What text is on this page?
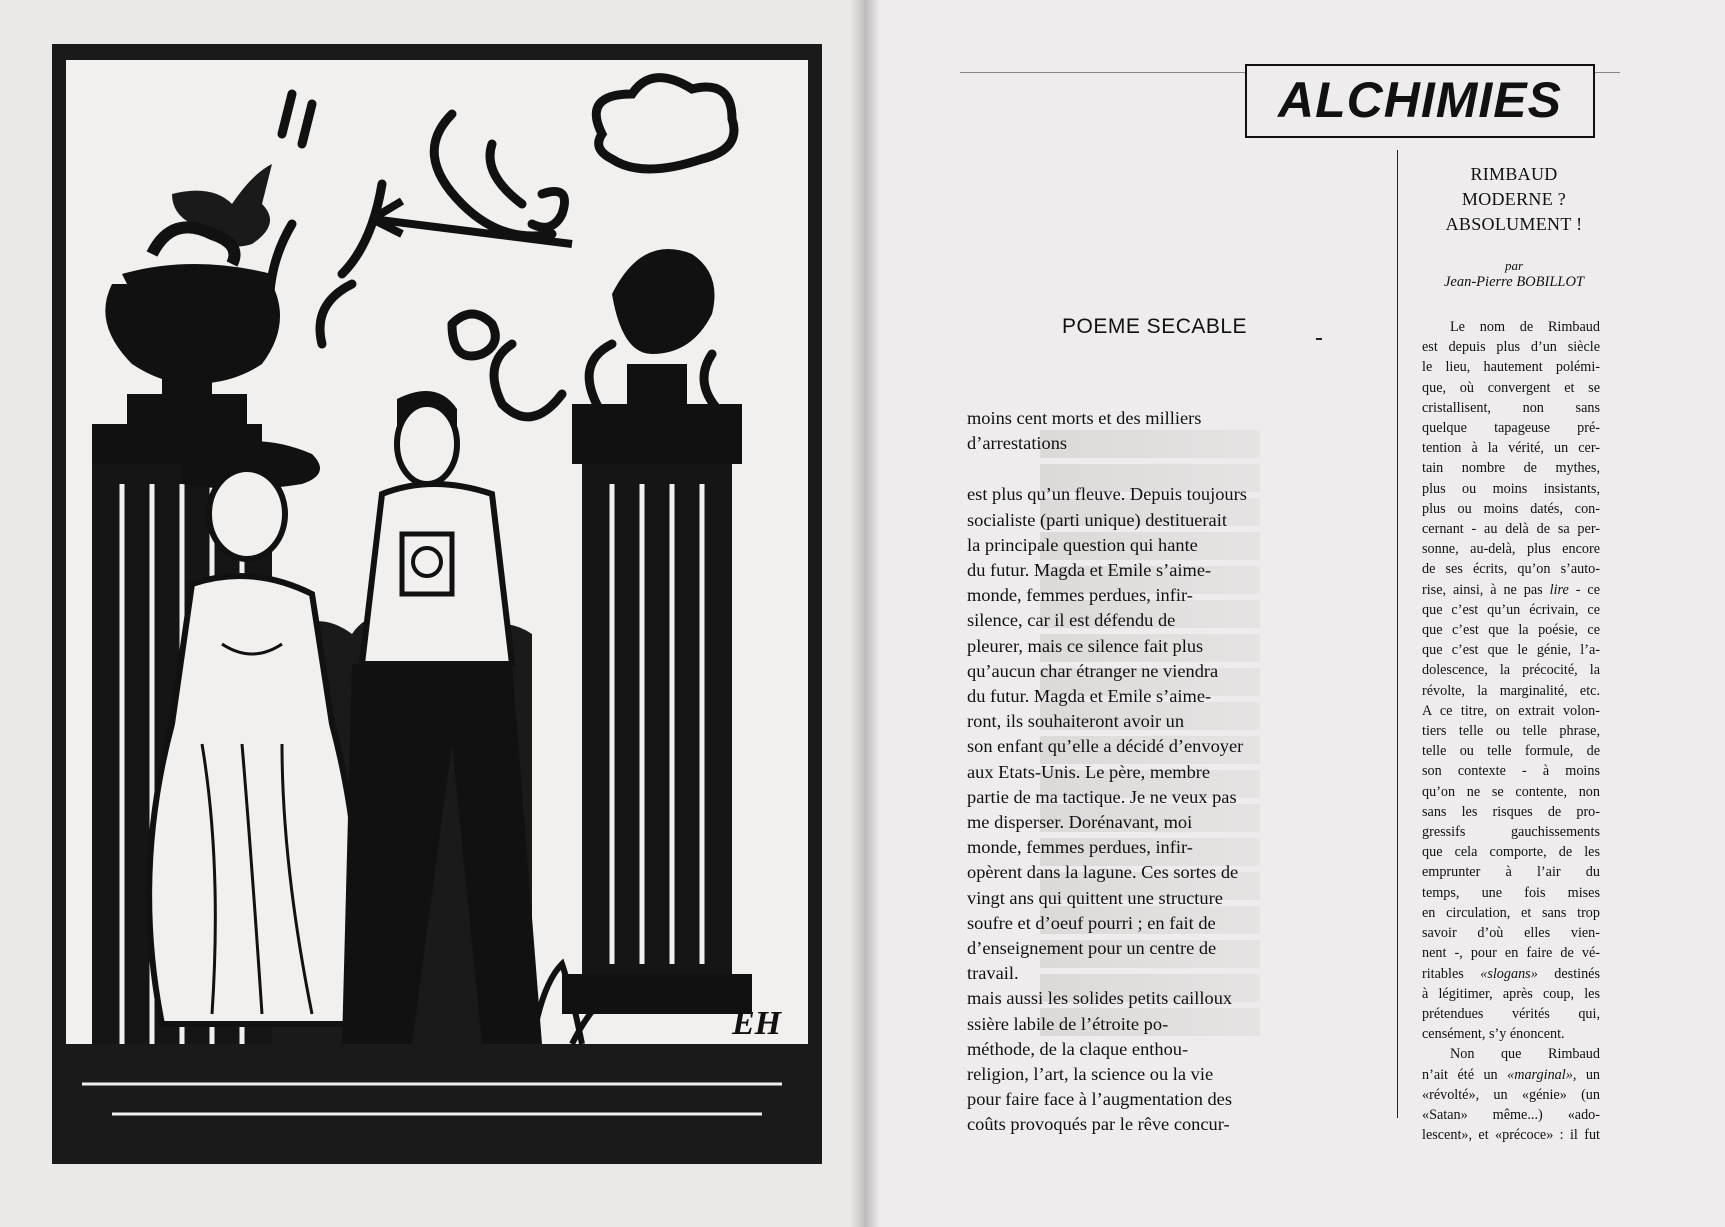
ÉH
ALCHIMIES
POEME SECABLE

moins cent morts et des milliers

d’arrestations

est plus qu’un fleuve. Depuis toujours

socialiste (parti unique) destituerait

la principale question qui hante

du futur. Magda et Emile s’aime-

monde, femmes perdues, infir-

silence, car il est défendu de

pleurer, mais ce silence fait plus

qu’aucun char étranger ne viendra

du futur. Magda et Emile s’aime-

ront, ils souhaiteront avoir un

son enfant qu’elle a décidé d’envoyer

aux Etats-Unis. Le père, membre

partie de ma tactique. Je ne veux pas

me disperser. Dorénavant, moi

monde, femmes perdues, infir-

opèrent dans la lagune. Ces sortes de

vingt ans qui quittent une structure

soufre et d’oeuf pourri ; en fait de

d’enseignement pour un centre de

travail.

mais aussi les solides petits cailloux

ssière labile de l’étroite po-

méthode, de la claque enthou-

religion, l’art, la science ou la vie

pour faire face à l’augmentation des

coûts provoqués par le rêve concur-

RIMBAUD
MODERNE ?
ABSOLUMENT !
par
Jean-Pierre BOBILLOT
Le nom de Rimbaud
est depuis plus d’un siècle
le lieu, hautement polémi-
que, où convergent et se
cristallisent, non sans
quelque tapageuse pré-
tention à la vérité, un cer-
tain nombre de mythes,
plus ou moins insistants,
plus ou moins datés, con-
cernant - au delà de sa per-
sonne, au-delà, plus encore
de ses écrits, qu’on s’auto-
rise, ainsi, à ne pas lire - ce
que c’est qu’un écrivain, ce
que c’est que la poésie, ce
que c’est que le génie, l’a-
dolescence, la précocité, la
révolte, la marginalité, etc.
A ce titre, on extrait volon-
tiers telle ou telle phrase,
telle ou telle formule, de
son contexte - à moins
qu’on ne se contente, non
sans les risques de pro-
gressifs gauchissements
que cela comporte, de les
emprunter à l’air du
temps, une fois mises
en circulation, et sans trop
savoir d’où elles vien-
nent -, pour en faire de vé-
ritables «slogans» destinés
à légitimer, après coup, les
prétendues vérités qui,
censément, s’y énoncent.
Non que Rimbaud
n’ait été un «marginal», un
«révolté», un «génie» (un
«Satan» même...) «ado-
lescent», et «précoce» : il fut
